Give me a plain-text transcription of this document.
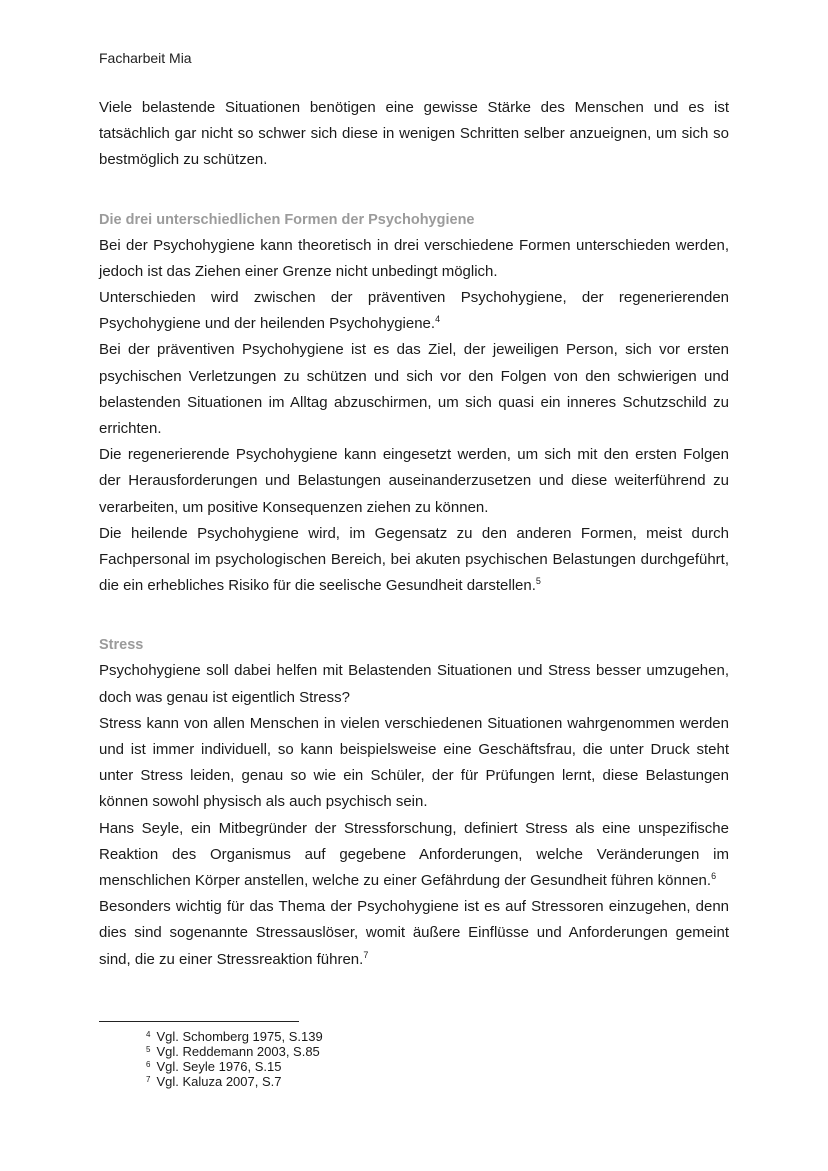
Facharbeit Mia

Viele belastende Situationen benötigen eine gewisse Stärke des Menschen und es ist tatsächlich gar nicht so schwer sich diese in wenigen Schritten selber anzueignen, um sich so bestmöglich zu schützen.

Die drei unterschiedlichen Formen der Psychohygiene

Bei der Psychohygiene kann theoretisch in drei verschiedene Formen unterschieden werden, jedoch ist das Ziehen einer Grenze nicht unbedingt möglich.

Unterschieden wird zwischen der präventiven Psychohygiene, der regenerierenden Psychohygiene und der heilenden Psychohygiene.$^4$

Bei der präventiven Psychohygiene ist es das Ziel, der jeweiligen Person, sich vor ersten psychischen Verletzungen zu schützen und sich vor den Folgen von den schwierigen und belastenden Situationen im Alltag abzuschirmen, um sich quasi ein inneres Schutzschild zu errichten.

Die regenerierende Psychohygiene kann eingesetzt werden, um sich mit den ersten Folgen der Herausforderungen und Belastungen auseinanderzusetzen und diese weiterführend zu verarbeiten, um positive Konsequenzen ziehen zu können.

Die heilende Psychohygiene wird, im Gegensatz zu den anderen Formen, meist durch Fachpersonal im psychologischen Bereich, bei akuten psychischen Belastungen durchgeführt, die ein erhebliches Risiko für die seelische Gesundheit darstellen.$^5$

Stress

Psychohygiene soll dabei helfen mit Belastenden Situationen und Stress besser umzugehen, doch was genau ist eigentlich Stress?

Stress kann von allen Menschen in vielen verschiedenen Situationen wahrgenommen werden und ist immer individuell, so kann beispielsweise eine Geschäftsfrau, die unter Druck steht unter Stress leiden, genau so wie ein Schüler, der für Prüfungen lernt, diese Belastungen können sowohl physisch als auch psychisch sein.

Hans Seyle, ein Mitbegründer der Stressforschung, definiert Stress als eine unspezifische Reaktion des Organismus auf gegebene Anforderungen, welche Veränderungen im menschlichen Körper anstellen, welche zu einer Gefährdung der Gesundheit führen können.$^6$

Besonders wichtig für das Thema der Psychohygiene ist es auf Stressoren einzugehen, denn dies sind sogenannte Stressauslöser, womit äußere Einflüsse und Anforderungen gemeint sind, die zu einer Stressreaktion führen.$^7$

$^4$ Vgl. Schomberg 1975, S.139

$^5$ Vgl. Reddemann 2003, S.85

$^6$ Vgl. Seyle 1976, S.15

$^7$ Vgl. Kaluza 2007, S.7
